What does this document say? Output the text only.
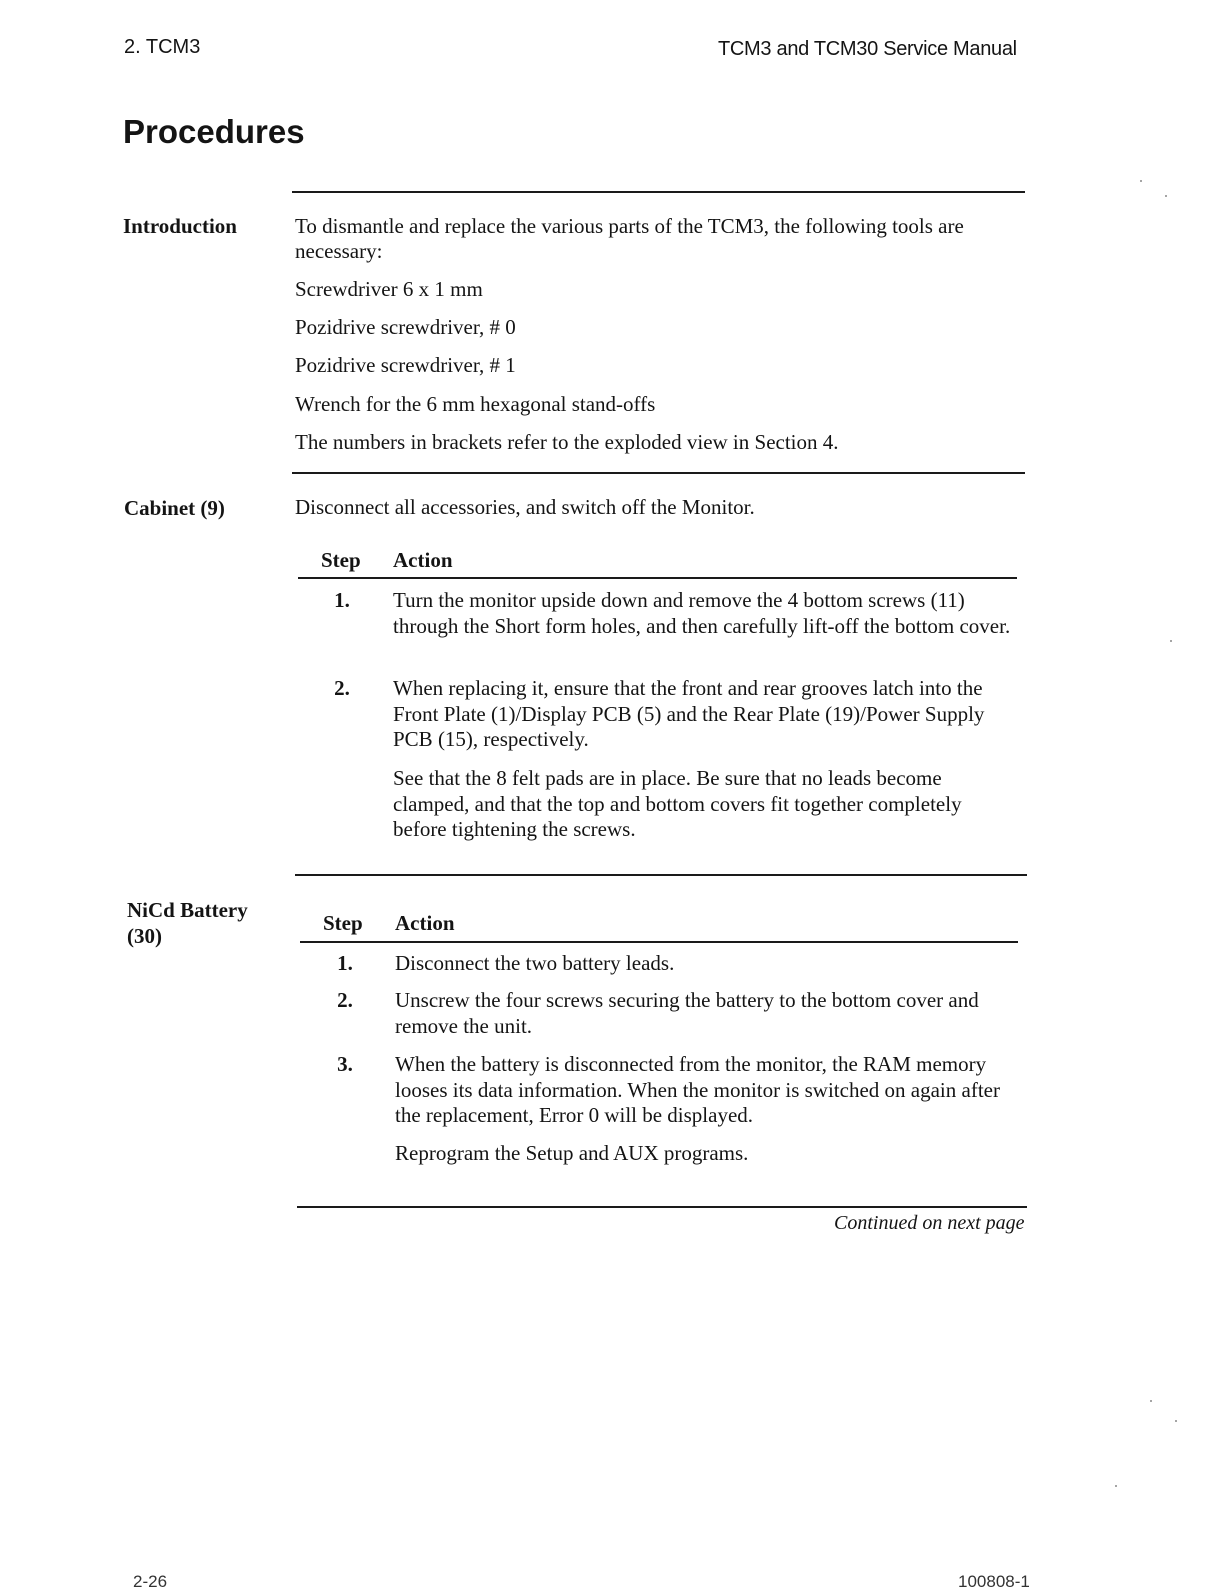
2. TCM3	TCM3 and TCM30 Service Manual
Procedures
Introduction	To dismantle and replace the various parts of the TCM3, the following tools are necessary:
Screwdriver 6 x 1 mm
Pozidrive screwdriver, # 0
Pozidrive screwdriver, # 1
Wrench for the 6 mm hexagonal stand-offs
The numbers in brackets refer to the exploded view in Section 4.
Cabinet (9)	Disconnect all accessories, and switch off the Monitor.
Step Action
1.	Turn the monitor upside down and remove the 4 bottom screws (11) through the Short form holes, and then carefully lift-off the bottom cover.
2.	When replacing it, ensure that the front and rear grooves latch into the Front Plate (1)/Display PCB (5) and the Rear Plate (19)/Power Supply PCB (15), respectively.
See that the 8 felt pads are in place. Be sure that no leads become clamped, and that the top and bottom covers fit together completely before tightening the screws.
NiCd Battery
(30)
Step Action
1.	Disconnect the two battery leads.
2.	Unscrew the four screws securing the battery to the bottom cover and remove the unit.
3.	When the battery is disconnected from the monitor, the RAM memory looses its data information. When the monitor is switched on again after the replacement, Error 0 will be displayed.
Reprogram the Setup and AUX programs.
Continued on next page
2-26	100808-1
